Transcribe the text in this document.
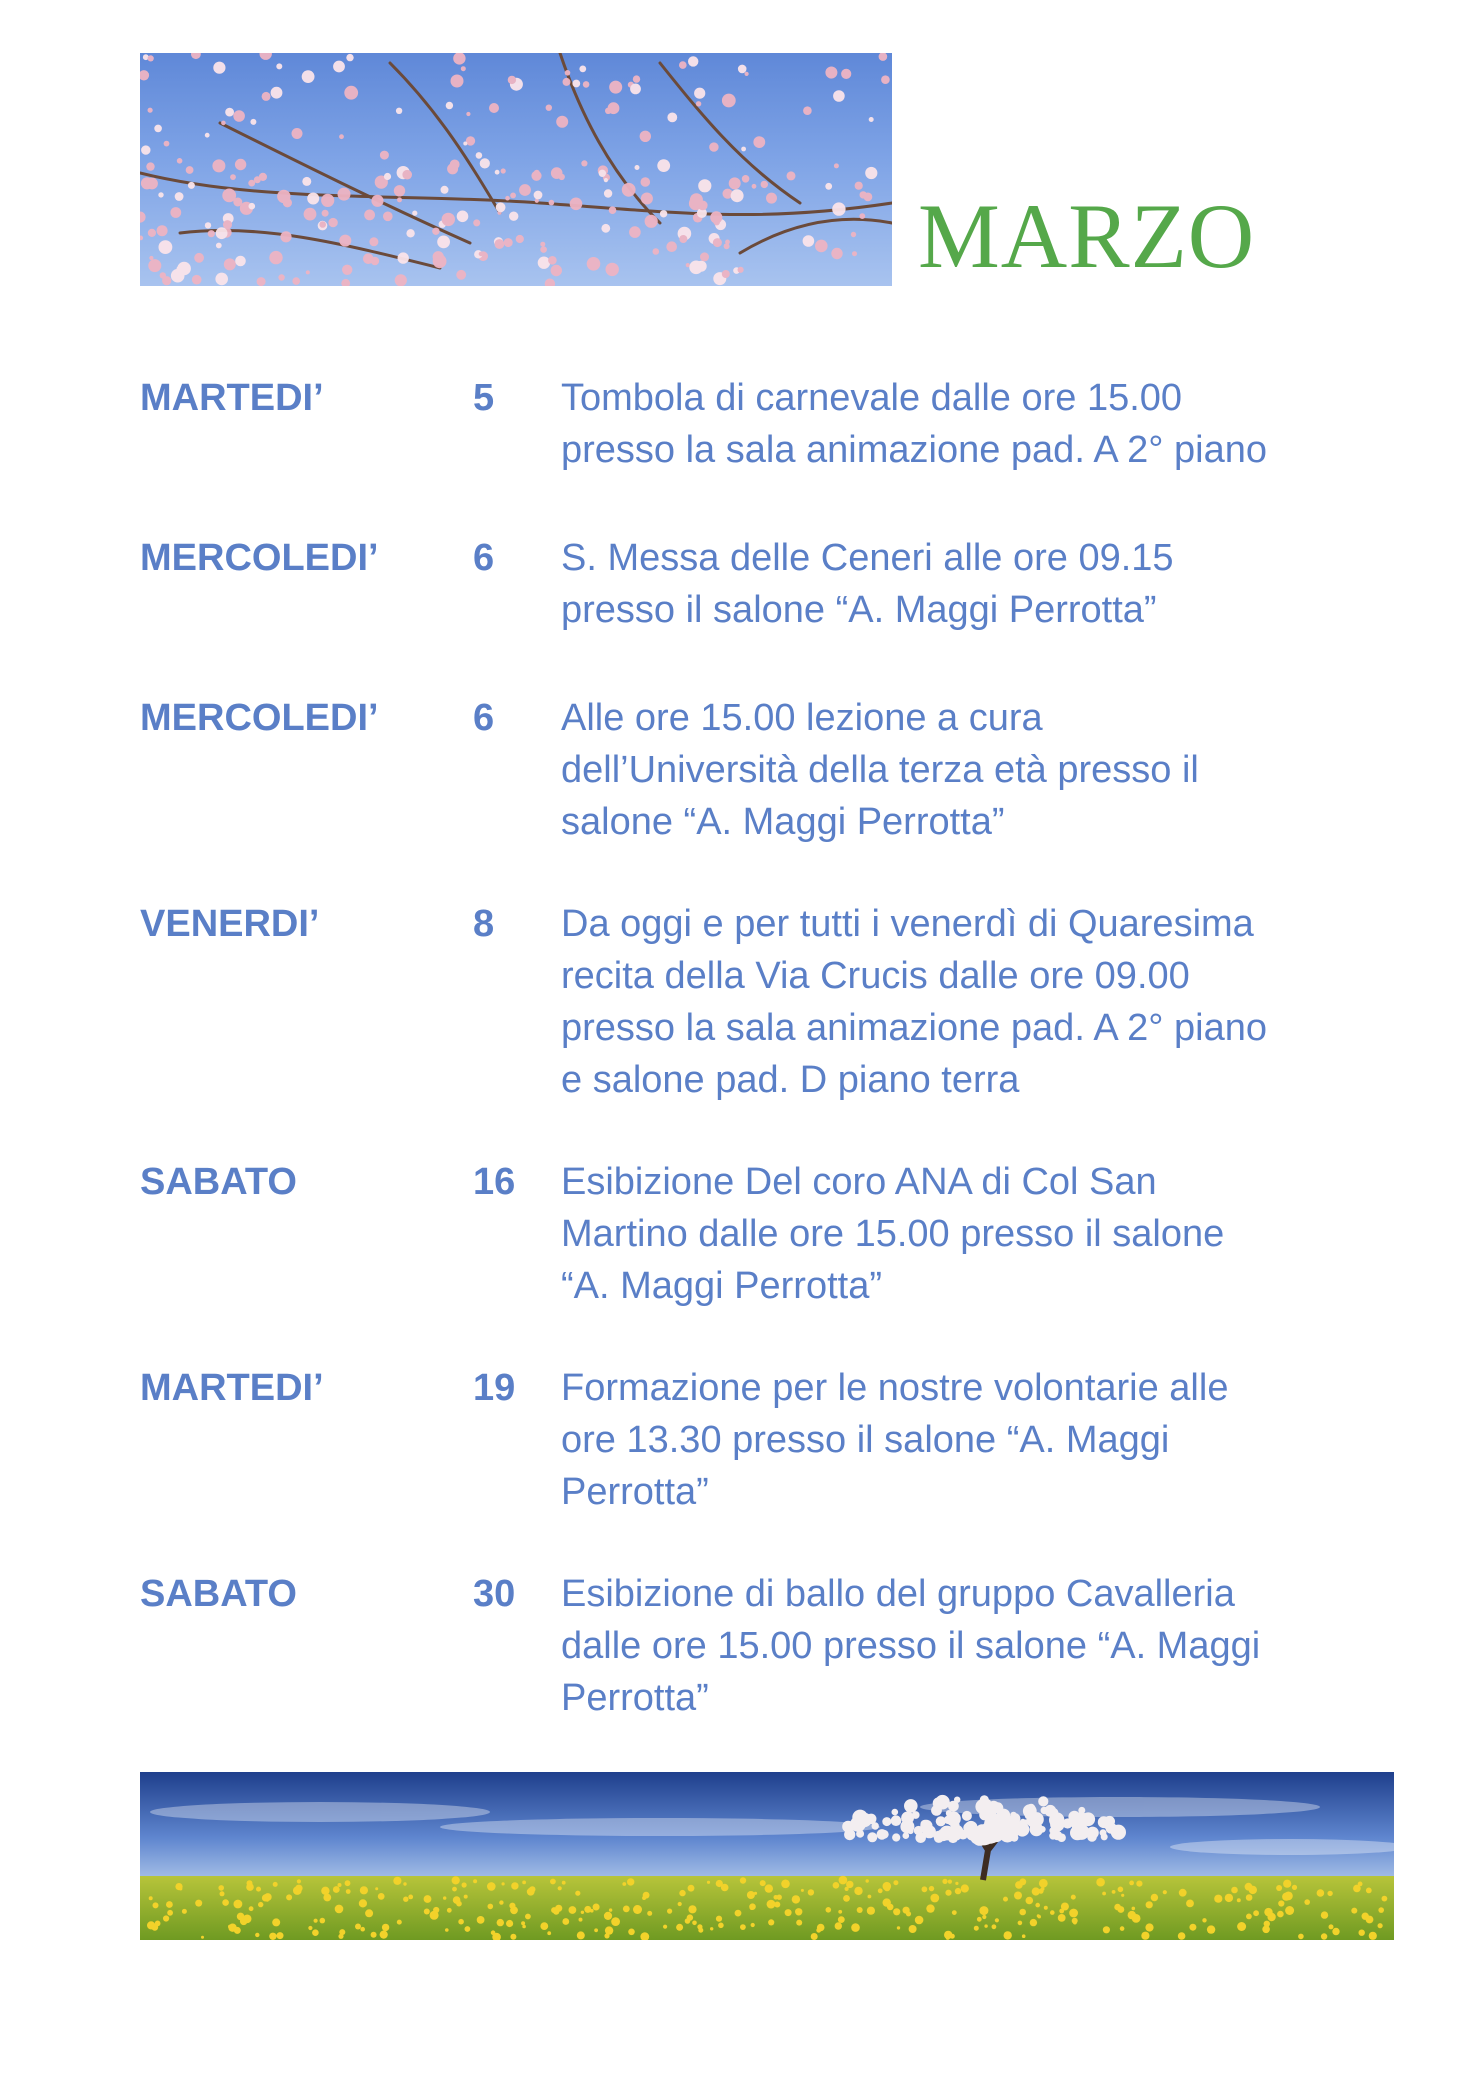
MARZO
MARTEDI’	5	Tombola di carnevale dalle ore 15.00
presso la sala animazione pad. A 2° piano
MERCOLEDI’	6	S. Messa delle Ceneri alle ore 09.15
presso il salone “A. Maggi Perrotta”
MERCOLEDI’	6	Alle ore 15.00 lezione a cura
dell’Università della terza età presso il
salone “A. Maggi Perrotta”
VENERDI’	8	Da oggi e per tutti i venerdì di Quaresima
recita della Via Crucis dalle ore 09.00
presso la sala animazione pad. A 2° piano
e salone pad. D piano terra
SABATO	16	Esibizione Del coro ANA di Col San
Martino dalle ore 15.00 presso il salone
“A. Maggi Perrotta”
MARTEDI’	19	Formazione per le nostre volontarie alle
ore 13.30 presso il salone “A. Maggi
Perrotta”
SABATO	30	Esibizione di ballo del gruppo Cavalleria
dalle ore 15.00 presso il salone “A. Maggi
Perrotta”
